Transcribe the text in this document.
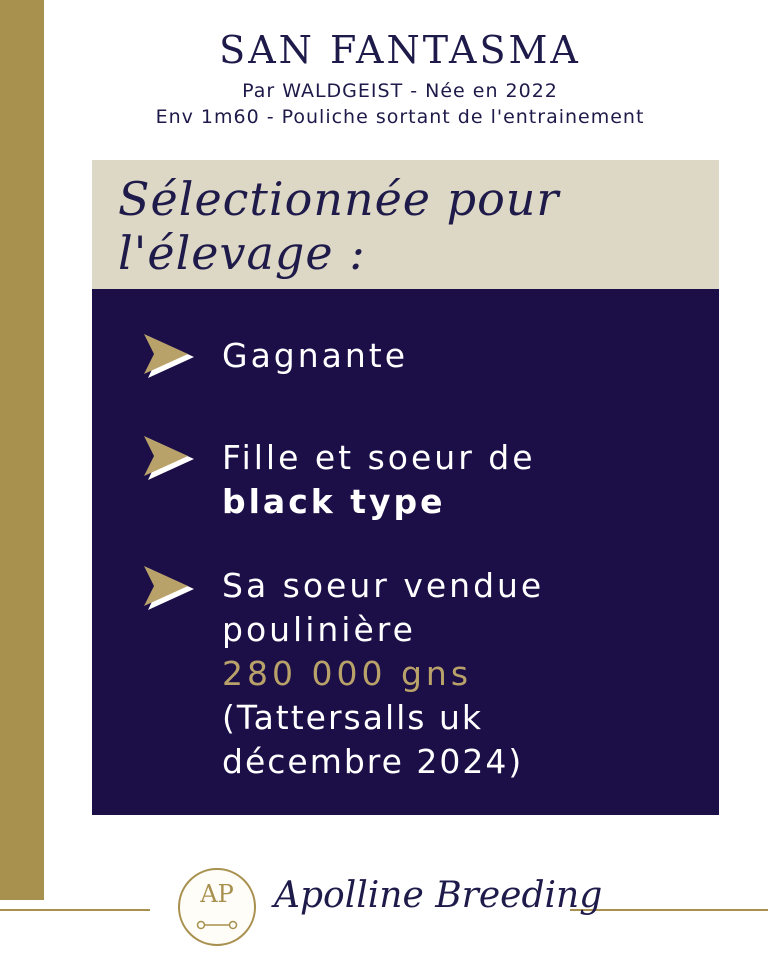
SAN FANTASMA

Par WALDGEIST - Née en 2022

Env 1m60 - Pouliche sortant de l'entrainement

Sélectionnée pour l'élevage :
Gagnante
Fille et soeur de
black type
Sa soeur vendue
poulinière
280 000 gns
(Tattersalls uk
décembre 2024)
AP	Apolline Breeding
